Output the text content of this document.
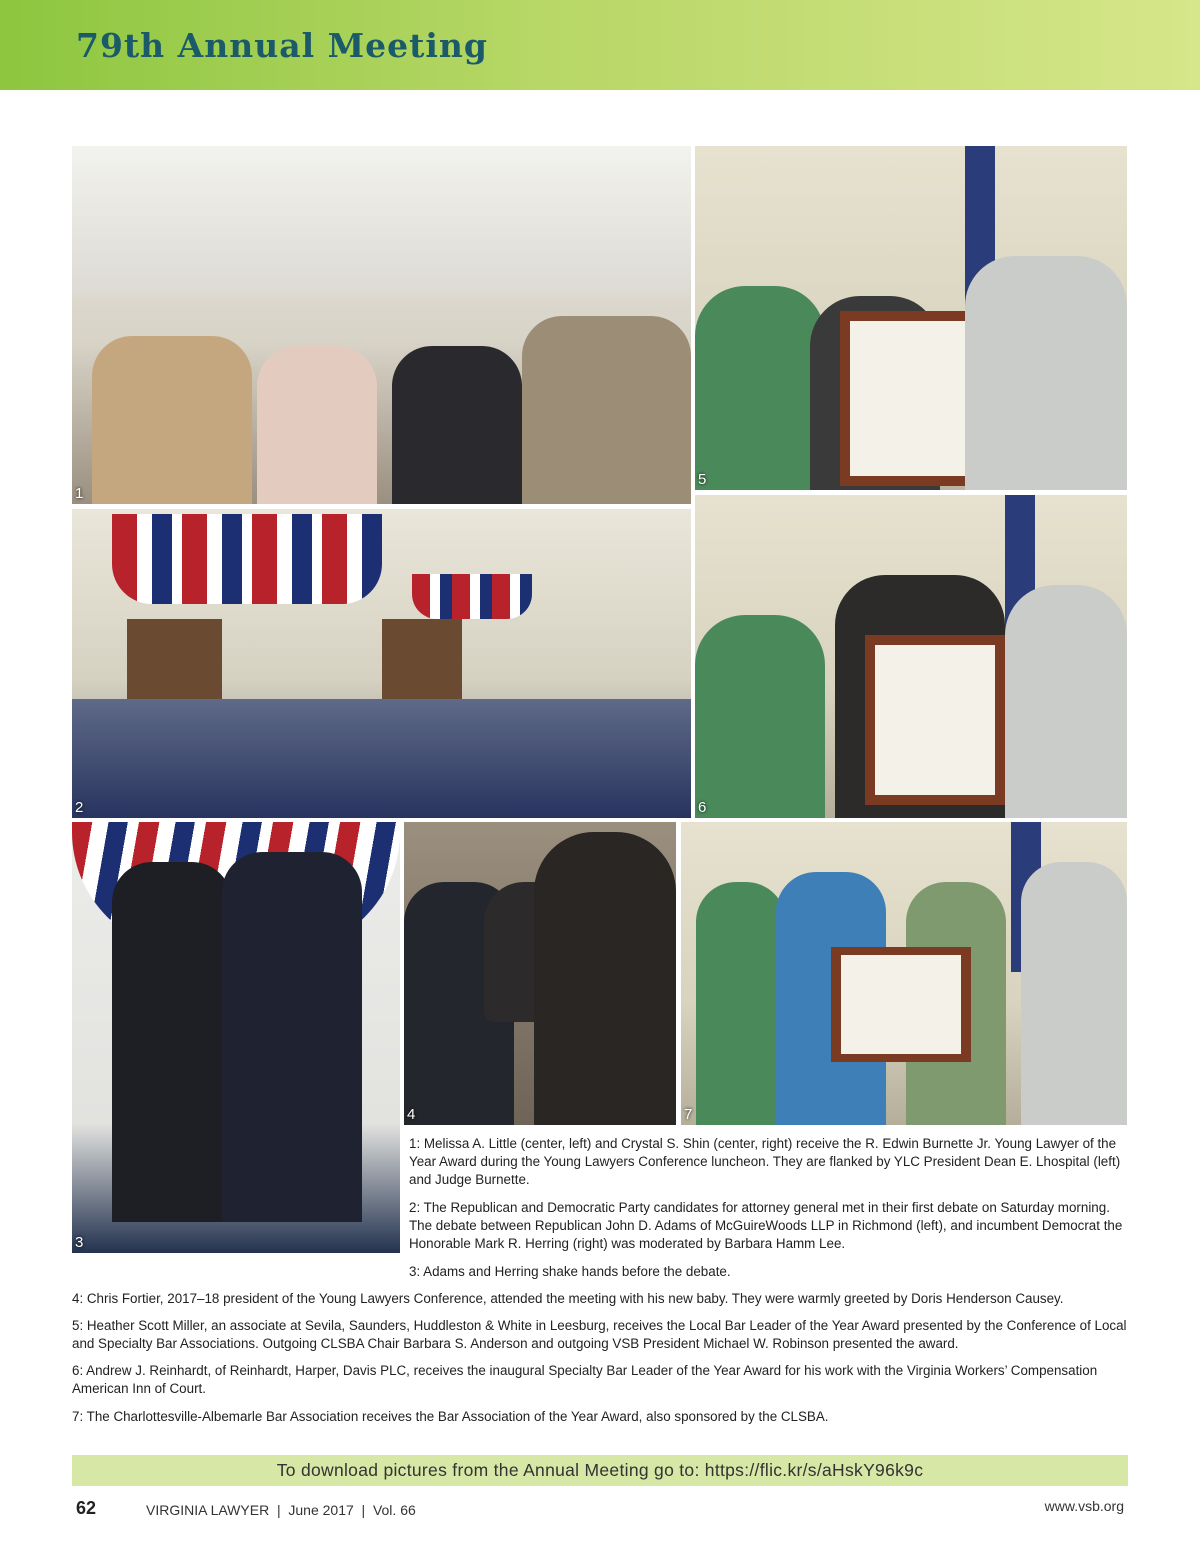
79th Annual Meeting
1
5
2	6
3
4	7

1: Melissa A. Little (center, left) and Crystal S. Shin (center, right) receive the R. Edwin Burnette Jr. Young Lawyer of the Year Award during the Young Lawyers Conference luncheon. They are flanked by YLC President Dean E. Lhospital (left) and Judge Burnette.

2: The Republican and Democratic Party candidates for attorney general met in their first debate on Saturday morning. The debate between Republican John D. Adams of McGuireWoods LLP in Richmond (left), and incumbent Democrat the Honorable Mark R. Herring (right) was moderated by Barbara Hamm Lee.

3: Adams and Herring shake hands before the debate.

4: Chris Fortier, 2017–18 president of the Young Lawyers Conference, attended the meeting with his new baby. They were warmly greeted by Doris Henderson Causey.

5: Heather Scott Miller, an associate at Sevila, Saunders, Huddleston & White in Leesburg, receives the Local Bar Leader of the Year Award presented by the Conference of Local and Specialty Bar Associations. Outgoing CLSBA Chair Barbara S. Anderson and outgoing VSB President Michael W. Robinson presented the award.

6: Andrew J. Reinhardt, of Reinhardt, Harper, Davis PLC, receives the inaugural Specialty Bar Leader of the Year Award for his work with the Virginia Workers’ Compensation American Inn of Court.

7: The Charlottesville-Albemarle Bar Association receives the Bar Association of the Year Award, also sponsored by the CLSBA.

To download pictures from the Annual Meeting go to: https://flic.kr/s/aHskY96k9c
62	VIRGINIA LAWYER  |  June 2017  |  Vol. 66	www.vsb.org
